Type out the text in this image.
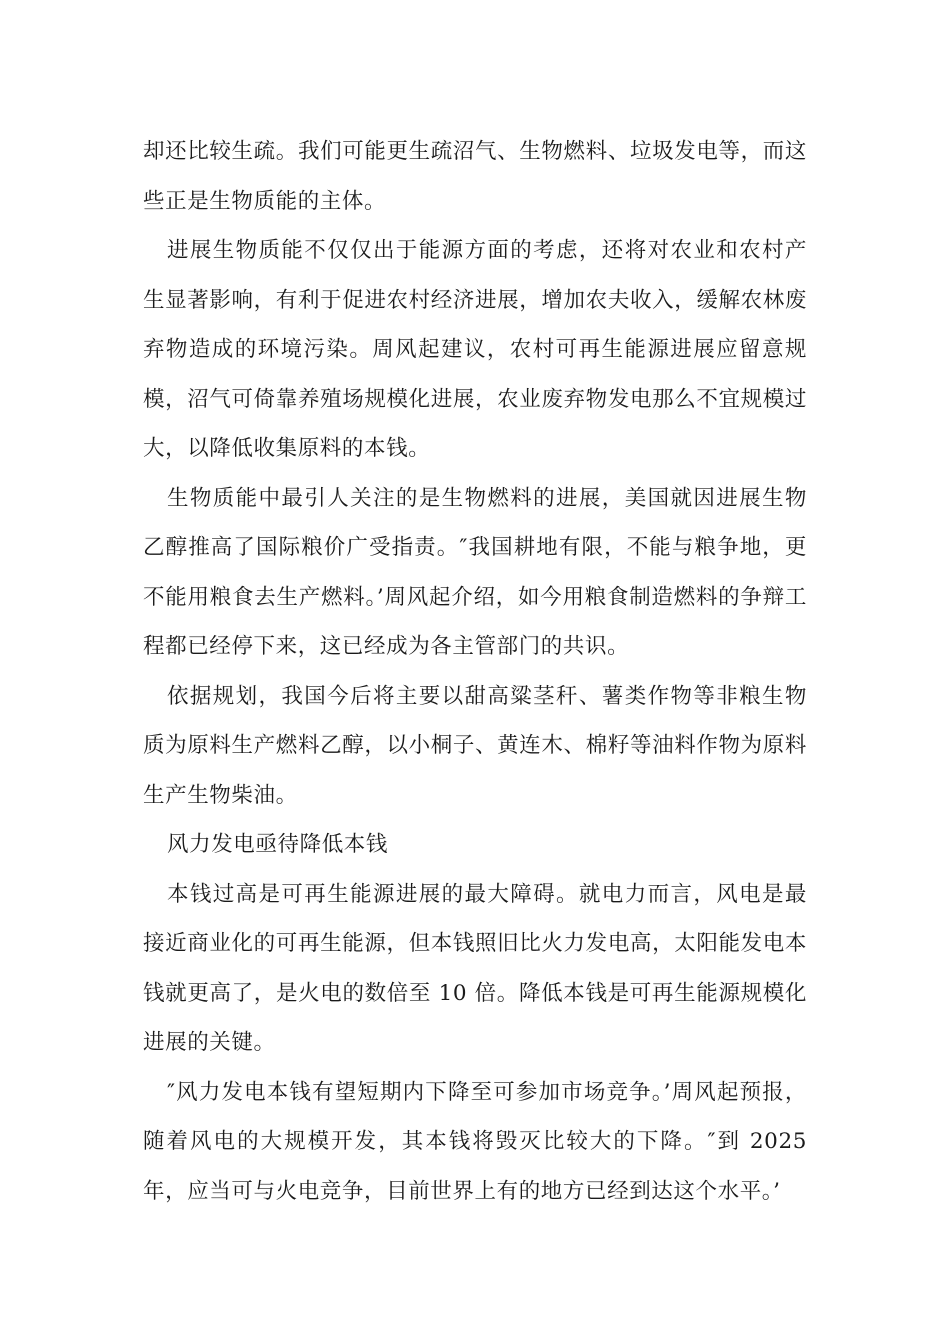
却还比较生疏。我们可能更生疏沼气、生物燃料、垃圾发电等，而这些正是生物质能的主体。

进展生物质能不仅仅出于能源方面的考虑，还将对农业和农村产生显著影响，有利于促进农村经济进展，增加农夫收入，缓解农林废弃物造成的环境污染。周风起建议，农村可再生能源进展应留意规模，沼气可倚靠养殖场规模化进展，农业废弃物发电那么不宜规模过大，以降低收集原料的本钱。

生物质能中最引人关注的是生物燃料的进展，美国就因进展生物乙醇推高了国际粮价广受指责。″我国耕地有限，不能与粮争地，更不能用粮食去生产燃料。’周风起介绍，如今用粮食制造燃料的争辩工程都已经停下来，这已经成为各主管部门的共识。

依据规划，我国今后将主要以甜高粱茎秆、薯类作物等非粮生物质为原料生产燃料乙醇，以小桐子、黄连木、棉籽等油料作物为原料生产生物柴油。

风力发电亟待降低本钱

本钱过高是可再生能源进展的最大障碍。就电力而言，风电是最接近商业化的可再生能源，但本钱照旧比火力发电高，太阳能发电本钱就更高了，是火电的数倍至 10 倍。降低本钱是可再生能源规模化进展的关键。

″风力发电本钱有望短期内下降至可参加市场竞争。’周风起预报，随着风电的大规模开发，其本钱将毁灭比较大的下降。″到 2025 年，应当可与火电竞争，目前世界上有的地方已经到达这个水平。’
